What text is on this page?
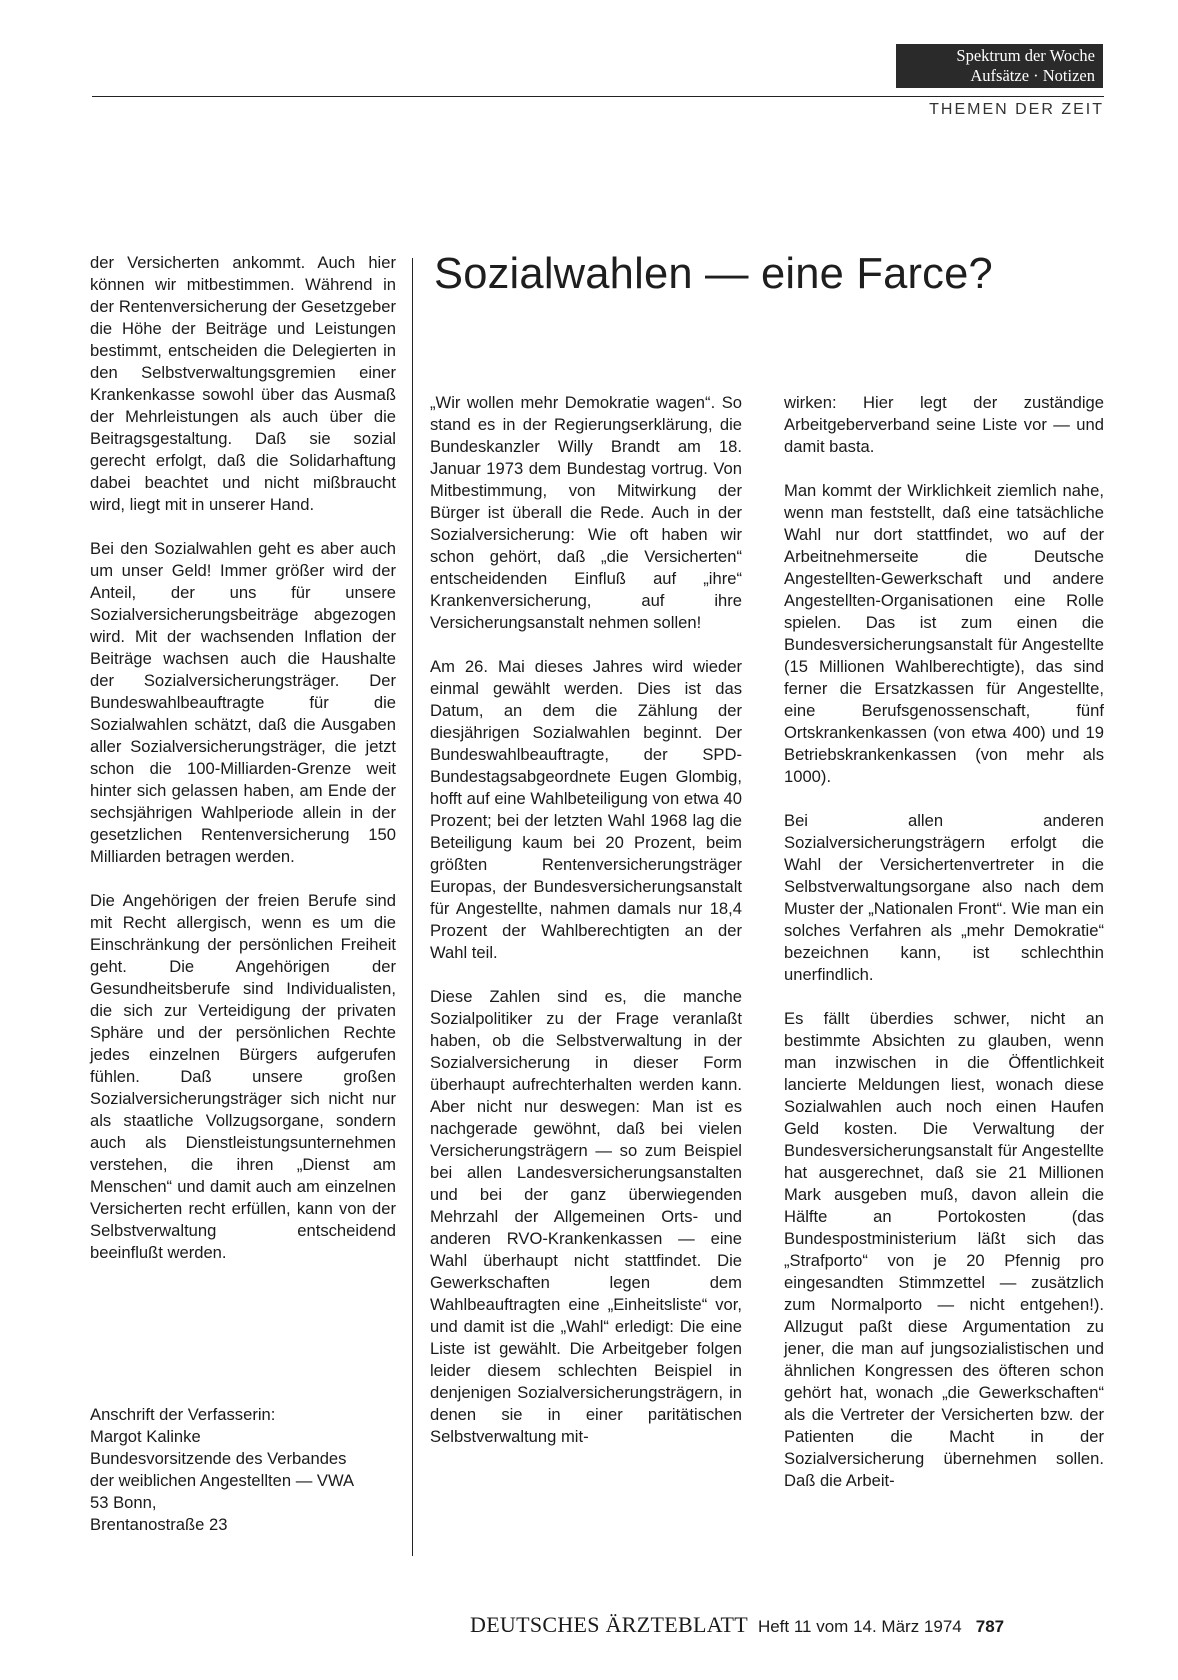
Spektrum der Woche
Aufsätze · Notizen
THEMEN DER ZEIT
Sozialwahlen — eine Farce?

der Versicherten ankommt. Auch hier können wir mitbestimmen. Während in der Rentenversicherung der Gesetzgeber die Höhe der Beiträge und Leistungen bestimmt, entscheiden die Delegierten in den Selbstverwaltungsgremien einer Krankenkasse sowohl über das Ausmaß der Mehrleistungen als auch über die Beitragsgestaltung. Daß sie sozial gerecht erfolgt, daß die Solidarhaftung dabei beachtet und nicht mißbraucht wird, liegt mit in unserer Hand.

Bei den Sozialwahlen geht es aber auch um unser Geld! Immer größer wird der Anteil, der uns für unsere Sozialversicherungsbeiträge abgezogen wird. Mit der wachsenden Inflation der Beiträge wachsen auch die Haushalte der Sozialversicherungsträger. Der Bundeswahlbeauftragte für die Sozialwahlen schätzt, daß die Ausgaben aller Sozialversicherungsträger, die jetzt schon die 100-Milliarden-Grenze weit hinter sich gelassen haben, am Ende der sechsjährigen Wahlperiode allein in der gesetzlichen Rentenversicherung 150 Milliarden betragen werden.

Die Angehörigen der freien Berufe sind mit Recht allergisch, wenn es um die Einschränkung der persönlichen Freiheit geht. Die Angehörigen der Gesundheitsberufe sind Individualisten, die sich zur Verteidigung der privaten Sphäre und der persönlichen Rechte jedes einzelnen Bürgers aufgerufen fühlen. Daß unsere großen Sozialversicherungsträger sich nicht nur als staatliche Vollzugsorgane, sondern auch als Dienstleistungsunternehmen verstehen, die ihren „Dienst am Menschen“ und damit auch am einzelnen Versicherten recht erfüllen, kann von der Selbstverwaltung entscheidend beeinflußt werden.

Anschrift der Verfasserin:
Margot Kalinke
Bundesvorsitzende des Verbandes
der weiblichen Angestellten — VWA
53 Bonn,
Brentanostraße 23

„Wir wollen mehr Demokratie wagen“. So stand es in der Regierungserklärung, die Bundeskanzler Willy Brandt am 18. Januar 1973 dem Bundestag vortrug. Von Mitbestimmung, von Mitwirkung der Bürger ist überall die Rede. Auch in der Sozialversicherung: Wie oft haben wir schon gehört, daß „die Versicherten“ entscheidenden Einfluß auf „ihre“ Krankenversicherung, auf ihre Versicherungsanstalt nehmen sollen!

Am 26. Mai dieses Jahres wird wieder einmal gewählt werden. Dies ist das Datum, an dem die Zählung der diesjährigen Sozialwahlen beginnt. Der Bundeswahlbeauftragte, der SPD-Bundestagsabgeordnete Eugen Glombig, hofft auf eine Wahlbeteiligung von etwa 40 Prozent; bei der letzten Wahl 1968 lag die Beteiligung kaum bei 20 Prozent, beim größten Rentenversicherungsträger Europas, der Bundesversicherungsanstalt für Angestellte, nahmen damals nur 18,4 Prozent der Wahlberechtigten an der Wahl teil.

Diese Zahlen sind es, die manche Sozialpolitiker zu der Frage veranlaßt haben, ob die Selbstverwaltung in der Sozialversicherung in dieser Form überhaupt aufrechterhalten werden kann. Aber nicht nur deswegen: Man ist es nachgerade gewöhnt, daß bei vielen Versicherungsträgern — so zum Beispiel bei allen Landesversicherungsanstalten und bei der ganz überwiegenden Mehrzahl der Allgemeinen Orts- und anderen RVO-Krankenkassen — eine Wahl überhaupt nicht stattfindet. Die Gewerkschaften legen dem Wahlbeauftragten eine „Einheitsliste“ vor, und damit ist die „Wahl“ erledigt: Die eine Liste ist gewählt. Die Arbeitgeber folgen leider diesem schlechten Beispiel in denjenigen Sozialversicherungsträgern, in denen sie in einer paritätischen Selbstverwaltung mit-

wirken: Hier legt der zuständige Arbeitgeberverband seine Liste vor — und damit basta.

Man kommt der Wirklichkeit ziemlich nahe, wenn man feststellt, daß eine tatsächliche Wahl nur dort stattfindet, wo auf der Arbeitnehmerseite die Deutsche Angestellten-Gewerkschaft und andere Angestellten-Organisationen eine Rolle spielen. Das ist zum einen die Bundesversicherungsanstalt für Angestellte (15 Millionen Wahlberechtigte), das sind ferner die Ersatzkassen für Angestellte, eine Berufsgenossenschaft, fünf Ortskrankenkassen (von etwa 400) und 19 Betriebskrankenkassen (von mehr als 1000).

Bei allen anderen Sozialversicherungsträgern erfolgt die Wahl der Versichertenvertreter in die Selbstverwaltungsorgane also nach dem Muster der „Nationalen Front“. Wie man ein solches Verfahren als „mehr Demokratie“ bezeichnen kann, ist schlechthin unerfindlich.

Es fällt überdies schwer, nicht an bestimmte Absichten zu glauben, wenn man inzwischen in die Öffentlichkeit lancierte Meldungen liest, wonach diese Sozialwahlen auch noch einen Haufen Geld kosten. Die Verwaltung der Bundesversicherungsanstalt für Angestellte hat ausgerechnet, daß sie 21 Millionen Mark ausgeben muß, davon allein die Hälfte an Portokosten (das Bundespostministerium läßt sich das „Strafporto“ von je 20 Pfennig pro eingesandten Stimmzettel — zusätzlich zum Normalporto — nicht entgehen!). Allzugut paßt diese Argumentation zu jener, die man auf jungsozialistischen und ähnlichen Kongressen des öfteren schon gehört hat, wonach „die Gewerkschaften“ als die Vertreter der Versicherten bzw. der Patienten die Macht in der Sozialversicherung übernehmen sollen. Daß die Arbeit-

DEUTSCHES ÄRZTEBLATT Heft 11 vom 14. März 1974 787
